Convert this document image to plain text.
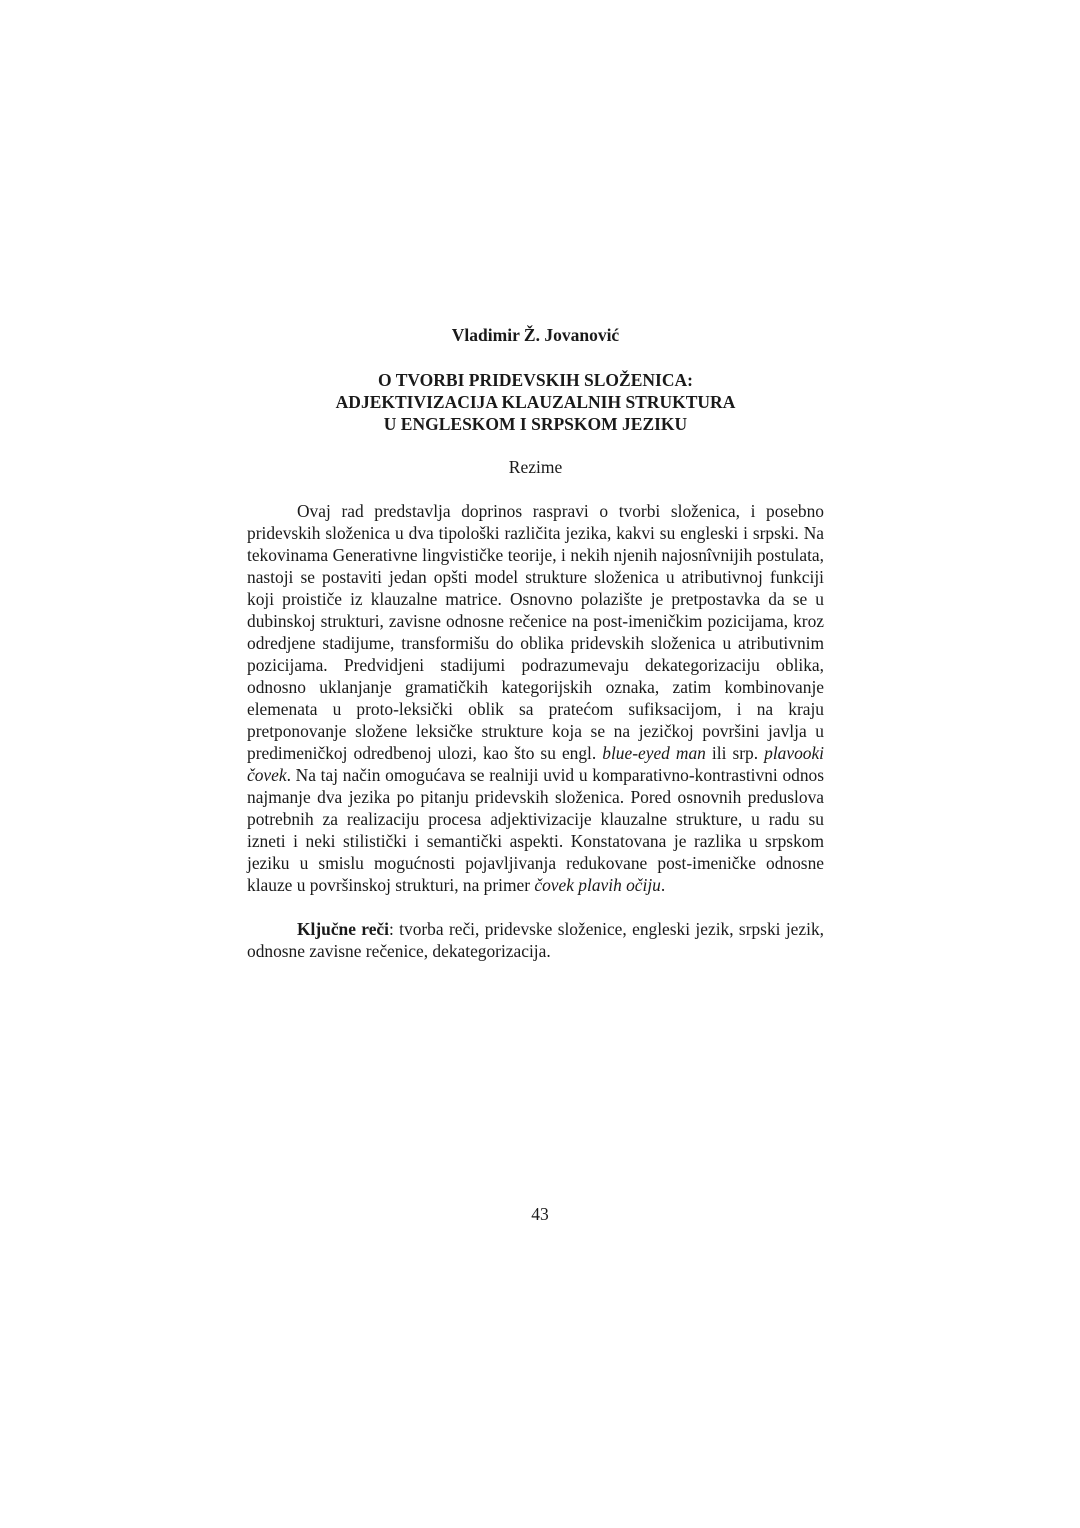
Vladimir Ž. Jovanović

O TVORBI PRIDEVSKIH SLOŽENICA:
ADJEKTIVIZACIJA KLAUZALNIH STRUKTURA
U ENGLESKOM I SRPSKOM JEZIKU

Rezime

Ovaj rad predstavlja doprinos raspravi o tvorbi složenica, i posebno pridevskih složenica u dva tipološki različita jezika, kakvi su engleski i srpski. Na tekovinama Generativne lingvističke teorije, i nekih njenih najosnîvnijih postulata, nastoji se postaviti jedan opšti model strukture složenica u atributivnoj funkciji koji proističe iz klauzalne matrice. Osnovno polazište je pretpostavka da se u dubinskoj strukturi, zavisne odnosne rečenice na post-imeničkim pozicijama, kroz odredjene stadijume, transformišu do oblika pridevskih složenica u atributivnim pozicijama. Predvidjeni stadijumi podrazumevaju dekategorizaciju oblika, odnosno uklanjanje gramatičkih kategorijskih oznaka, zatim kombinovanje elemenata u proto-leksički oblik sa pratećom sufiksacijom, i na kraju pretponovanje složene leksičke strukture koja se na jezičkoj površini javlja u predimeničkoj odredbenoj ulozi, kao što su engl. blue-eyed man ili srp. plavooki čovek. Na taj način omogućava se realniji uvid u komparativno-kontrastivni odnos najmanje dva jezika po pitanju pridevskih složenica. Pored osnovnih preduslova potrebnih za realizaciju procesa adjektivizacije klauzalne strukture, u radu su izneti i neki stilistički i semantički aspekti. Konstatovana je razlika u srpskom jeziku u smislu mogućnosti pojavljivanja redukovane post-imeničke odnosne klauze u površinskoj strukturi, na primer čovek plavih očiju.

Ključne reči: tvorba reči, pridevske složenice, engleski jezik, srpski jezik, odnosne zavisne rečenice, dekategorizacija.

43
